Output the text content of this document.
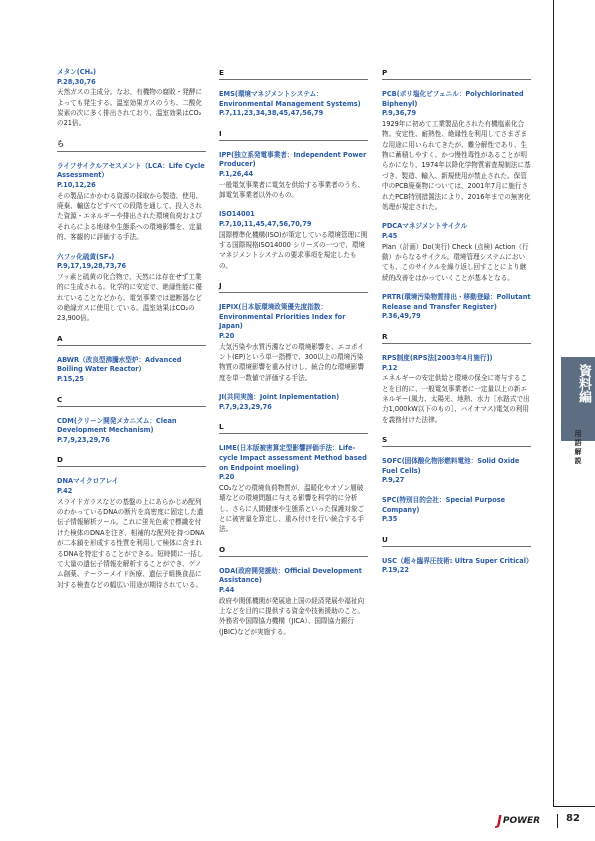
メタン(CH₄)
P.28,30,76
天然ガスの主成分。なお、有機物の腐敗・発酵によっても発生する。温室効果ガスのうち、二酸化炭素の次に多く排出されており、温室効果はCO₂の21倍。
ら
ライフサイクルアセスメント（LCA：Life Cycle Assessment）
P.10,12,26
その製品にかかわる資源の採取から製造、使用、廃棄、輸送などすべての段階を通して、投入された資源・エネルギーや排出された環境負荷およびそれらによる地球や生態系への環境影響を、定量的、客観的に評価する手法。
六フッ化硫黄(SF₆)
P.9,17,19,28,73,76
フッ素と硫黄の化合物で、天然には存在せず工業的に生成される。化学的に安定で、絶縁性能に優れていることなどから、電気事業では遮断器などの絶縁ガスに使用している。温室効果はCO₂の23,900倍。
A
ABWR（改良型沸騰水型炉：Advanced Boiling Water Reactor）
P.15,25
C
CDM(クリーン開発メカニズム：Clean Development Mechanism)
P.7,9,23,29,76
D
DNAマイクロアレイ
P.42
スライドガラスなどの基盤の上にあらかじめ配列のわかっているDNAの断片を高密度に固定した遺伝子情報解析ツール。これに蛍光色素で標識を付けた検体のDNAを注ぎ、相補的な配列を持つDNAが二本鎖を形成する性質を利用して検体に含まれるDNAを特定することができる。短時間に一括して大量の遺伝子情報を解析することができ、ゲノム創薬、テーラーメイド医療、遺伝子組換食品に対する検査などの幅広い用途が期待されている。
E
EMS(環境マネジメントシステム：Environmental Management Systems)
P.7,11,23,34,38,45,47,56,79
I
IPP(独立系発電事業者：Independent Power Producer)
P.1,26,44
一般電気事業者に電気を供給する事業者のうち、卸電気事業者以外のもの。
ISO14001
P.7,10,11,45,47,56,70,79
国際標準化機構(ISO)が策定している環境管理に関する国際規格ISO14000 シリーズの一つで、環境マネジメントシステムの要求事項を規定したもの。
J
JEPIX(日本版環境政策優先度指数：Environmental Priorities Index for Japan)
P.20
大気汚染や水質汚濁などの環境影響を、エコポイント(EP)という単一指標で、300以上の環境汚染物質の環境影響を重み付けし、統合的な環境影響度を単一数値で評価する手法。
JI(共同実施：Joint Inplementation)
P.7,9,23,29,76
L
LIME(日本版被害算定型影響評価手法：Life-cycle Impact assessment Method based on Endpoint moeling)
P.20
CO₂などの環境負荷物質が、温暖化やオゾン層破壊などの環境問題に与える影響を科学的に分析し、さらに人間健康や生態系といった保護対象ごとに被害量を算定し、重み付けを行い統合する手法。
O
ODA(政府開発援助：Official Development Assistance)
P.44
政府や関係機関が発展途上国の経済発展や福祉向上などを目的に提供する資金や技術援助のこと。外務省や国際協力機構（JICA）、国際協力銀行(JBIC)などが実施する。
P
PCB(ポリ塩化ビフェニル：Polychlorinated Biphenyl)
P.9,36,79
1929年に初めて工業製品化された有機塩素化合物。安定性、耐熱性、絶縁性を利用してさまざまな用途に用いられてきたが、難分解性であり、生物に蓄積しやすく、かつ慢性毒性があることが明らかになり、1974年以降化学物質審査規制法に基づき、製造、輸入、新規使用が禁止された。保管中のPCB廃棄物については、2001年7月に施行されたPCB特別措置法により、2016年までの無害化処理が規定された。
PDCAマネジメントサイクル
P.45
Plan（計画）Do(実行) Check (点検) Action（行動）からなるサイクル。環境管理システムにおいても、このサイクルを繰り返し回すことにより継続的改善をはかっていくことが基本となる。
PRTR(環境汚染物質排出・移動登録：Pollutant Release and Transfer Register)
P.36,49,79
R
RPS制度(RPS法[2003年4月施行])
P.12
エネルギーの安定供給と環境の保全に寄与することを目的に、一般電気事業者に一定量以上の新エネルギー(風力、太陽光、地熱、水力［水路式で出力1,000kW以下のもの］、バイオマス)電気の利用を義務付けた法律。
S
SOFC(固体酸化物形燃料電池：Solid Oxide Fuel Cells)
P.9,27
SPC(特別目的会社：Special Purpose Company)
P.35
U
USC（超々臨界圧技術: Ultra Super Critical）
P.19,22
資料編
用語解説
J POWER	82
